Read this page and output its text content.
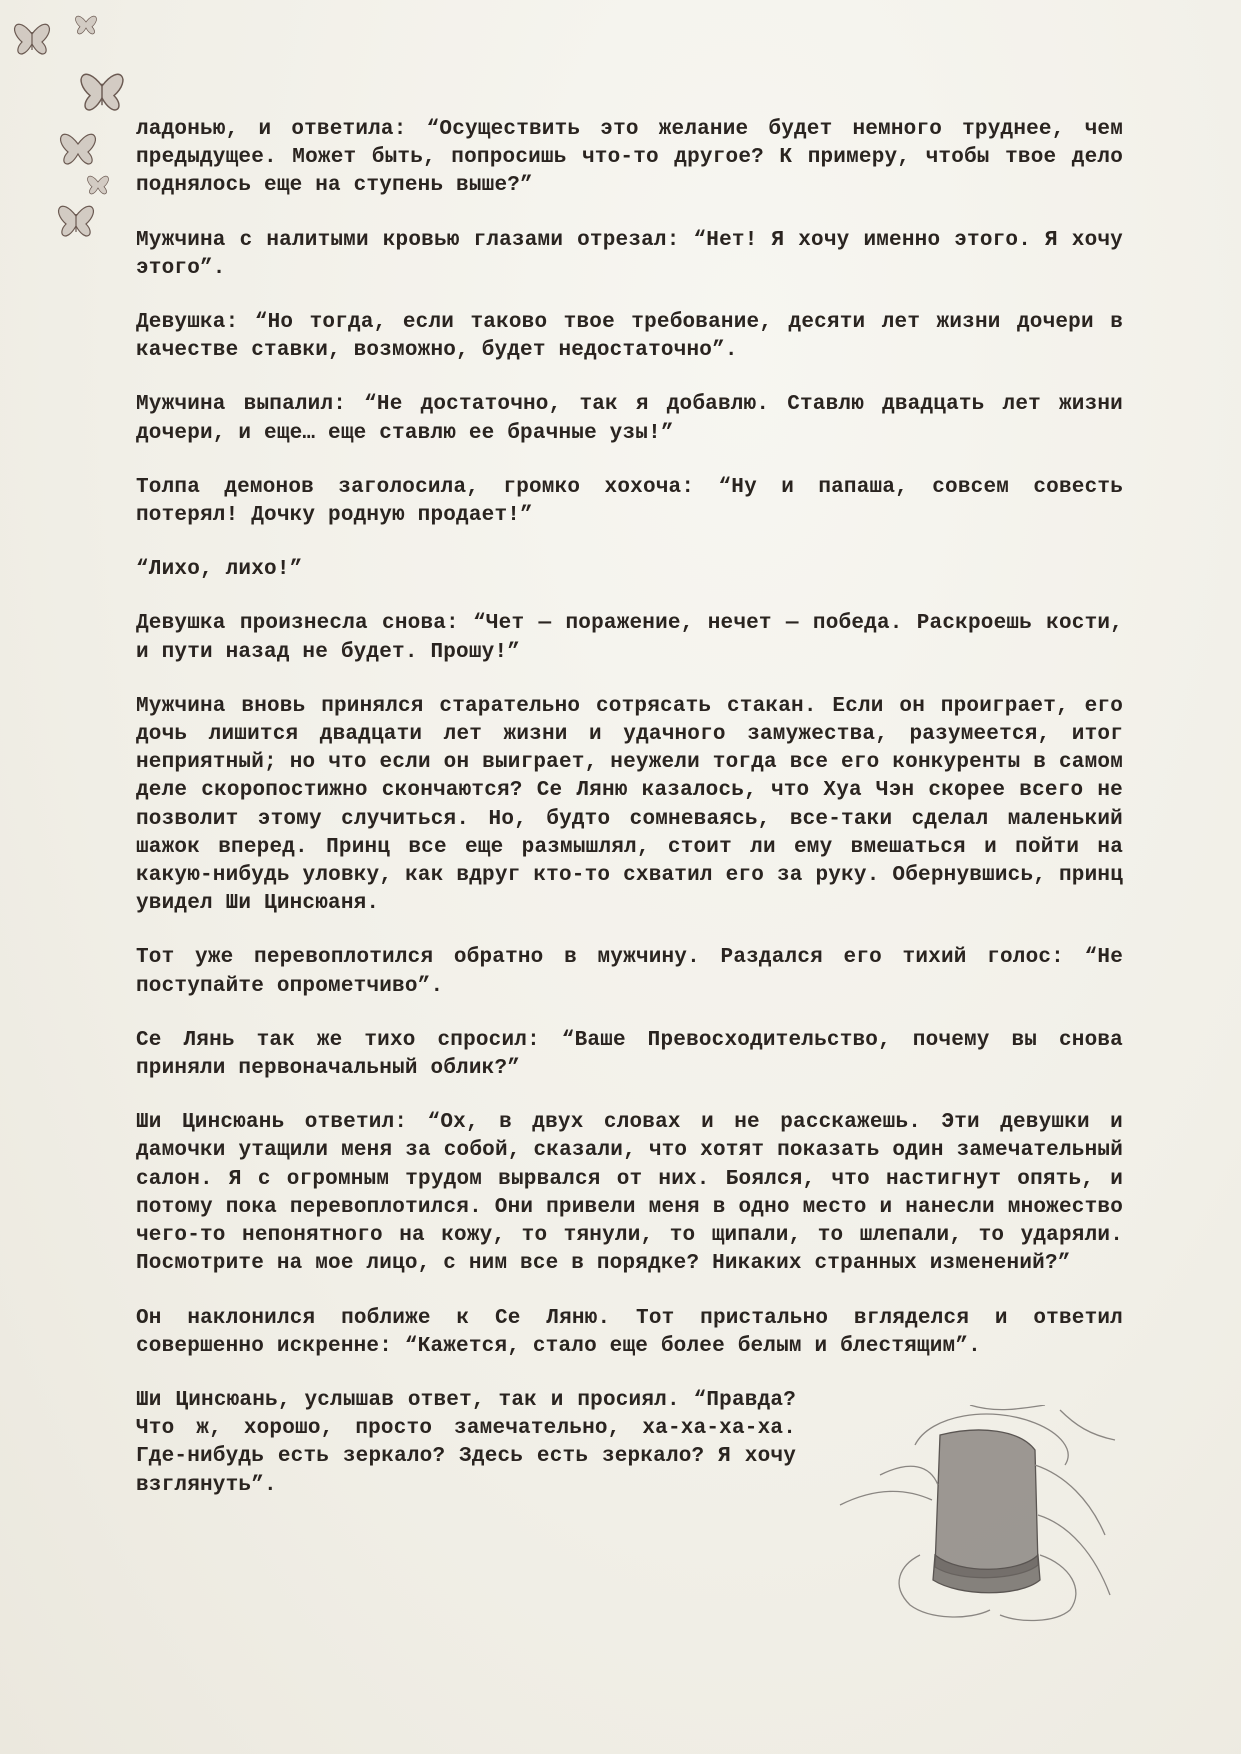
ладонью, и ответила: “Осуществить это желание будет немного труднее, чем предыдущее. Может быть, попросишь что-то другое? К примеру, чтобы твое дело поднялось еще на ступень выше?”

Мужчина с налитыми кровью глазами отрезал: “Нет! Я хочу именно этого. Я хочу этого”.

Девушка: “Но тогда, если таково твое требование, десяти лет жизни дочери в качестве ставки, возможно, будет недостаточно”.

Мужчина выпалил: “Не достаточно, так я добавлю. Ставлю двадцать лет жизни дочери, и еще… еще ставлю ее брачные узы!”

Толпа демонов заголосила, громко хохоча: “Ну и папаша, совсем совесть потерял! Дочку родную продает!”

“Лихо, лихо!”

Девушка произнесла снова: “Чет — поражение, нечет — победа. Раскроешь кости, и пути назад не будет. Прошу!”

Мужчина вновь принялся старательно сотрясать стакан. Если он проиграет, его дочь лишится двадцати лет жизни и удачного замужества, разумеется, итог неприятный; но что если он выиграет, неужели тогда все его конкуренты в самом деле скоропостижно скончаются? Се Ляню казалось, что Хуа Чэн скорее всего не позволит этому случиться. Но, будто сомневаясь, все-таки сделал маленький шажок вперед. Принц все еще размышлял, стоит ли ему вмешаться и пойти на какую-нибудь уловку, как вдруг кто-то схватил его за руку. Обернувшись, принц увидел Ши Цинсюаня.

Тот уже перевоплотился обратно в мужчину. Раздался его тихий голос: “Не поступайте опрометчиво”.

Се Лянь так же тихо спросил: “Ваше Превосходительство, почему вы снова приняли первоначальный облик?”

Ши Цинсюань ответил: “Ох, в двух словах и не расскажешь. Эти девушки и дамочки утащили меня за собой, сказали, что хотят показать один замечательный салон. Я с огромным трудом вырвался от них. Боялся, что настигнут опять, и потому пока перевоплотился. Они привели меня в одно место и нанесли множество чего-то непонятного на кожу, то тянули, то щипали, то шлепали, то ударяли. Посмотрите на мое лицо, с ним все в порядке? Никаких странных изменений?”

Он наклонился поближе к Се Ляню. Тот пристально вгляделся и ответил совершенно искренне: “Кажется, стало еще более белым и блестящим”.

Ши Цинсюань, услышав ответ, так и просиял. “Правда? Что ж, хорошо, просто замечательно, ха-ха-ха-ха. Где-нибудь есть зеркало? Здесь есть зеркало? Я хочу взглянуть”.
